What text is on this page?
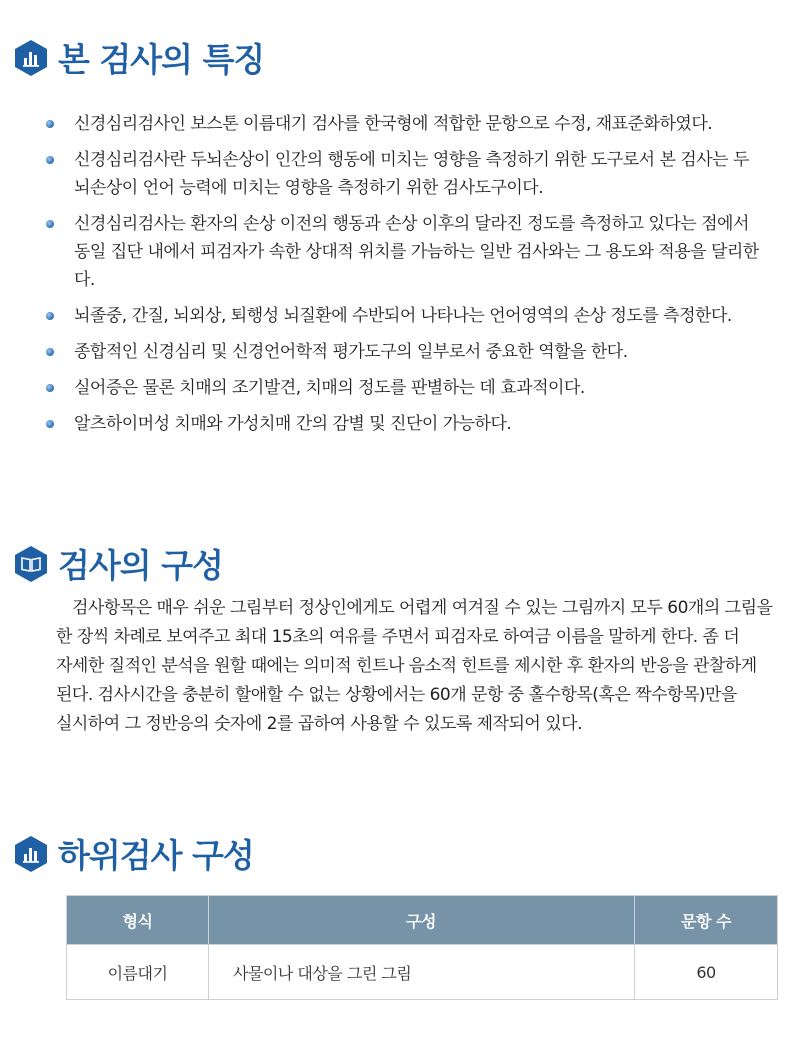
본 검사의 특징
신경심리검사인 보스톤 이름대기 검사를 한국형에 적합한 문항으로 수정, 재표준화하였다.
신경심리검사란 두뇌손상이 인간의 행동에 미치는 영향을 측정하기 위한 도구로서 본 검사는 두뇌손상이 언어 능력에 미치는 영향을 측정하기 위한 검사도구이다.
신경심리검사는 환자의 손상 이전의 행동과 손상 이후의 달라진 정도를 측정하고 있다는 점에서 동일 집단 내에서 피검자가 속한 상대적 위치를 가늠하는 일반 검사와는 그 용도와 적용을 달리한다.
뇌졸중, 간질, 뇌외상, 퇴행성 뇌질환에 수반되어 나타나는 언어영역의 손상 정도를 측정한다.
종합적인 신경심리 및 신경언어학적 평가도구의 일부로서 중요한 역할을 한다.
실어증은 물론 치매의 조기발견, 치매의 정도를 판별하는 데 효과적이다.
알츠하이머성 치매와 가성치매 간의 감별 및 진단이 가능하다.
검사의 구성
검사항목은 매우 쉬운 그림부터 정상인에게도 어렵게 여겨질 수 있는 그림까지 모두 60개의 그림을 한 장씩 차례로 보여주고 최대 15초의 여유를 주면서 피검자로 하여금 이름을 말하게 한다. 좀 더 자세한 질적인 분석을 원할 때에는 의미적 힌트나 음소적 힌트를 제시한 후 환자의 반응을 관찰하게 된다. 검사시간을 충분히 할애할 수 없는 상황에서는 60개 문항 중 홀수항목(혹은 짝수항목)만을 실시하여 그 정반응의 숫자에 2를 곱하여 사용할 수 있도록 제작되어 있다.
하위검사 구성
형식	구성	문항 수
이름대기	사물이나 대상을 그린 그림	60
